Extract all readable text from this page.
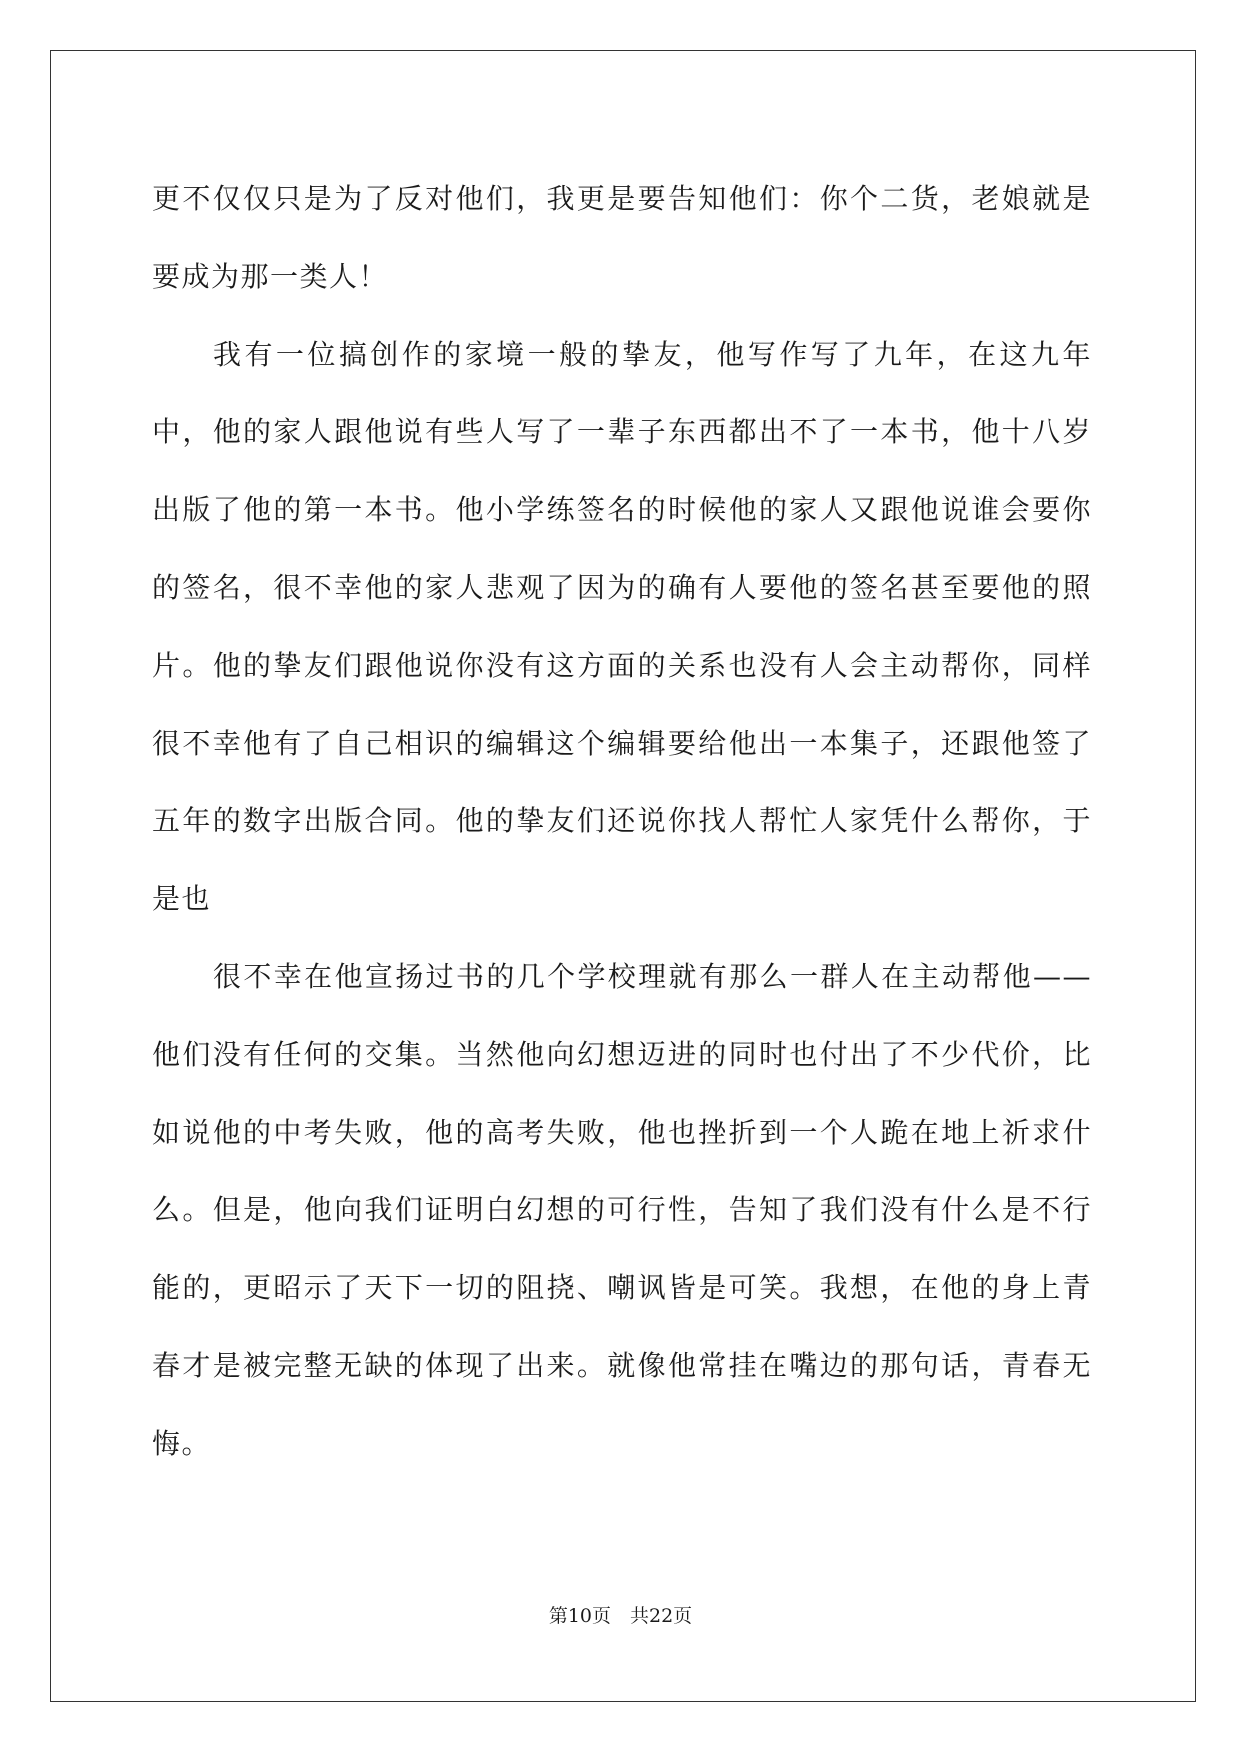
更不仅仅只是为了反对他们，我更是要告知他们：你个二货，老娘就是要成为那一类人！

我有一位搞创作的家境一般的挚友，他写作写了九年，在这九年中，他的家人跟他说有些人写了一辈子东西都出不了一本书，他十八岁出版了他的第一本书。他小学练签名的时候他的家人又跟他说谁会要你的签名，很不幸他的家人悲观了因为的确有人要他的签名甚至要他的照片。他的挚友们跟他说你没有这方面的关系也没有人会主动帮你，同样很不幸他有了自己相识的编辑这个编辑要给他出一本集子，还跟他签了五年的数字出版合同。他的挚友们还说你找人帮忙人家凭什么帮你，于是也

很不幸在他宣扬过书的几个学校理就有那么一群人在主动帮他——他们没有任何的交集。当然他向幻想迈进的同时也付出了不少代价，比如说他的中考失败，他的高考失败，他也挫折到一个人跪在地上祈求什么。但是，他向我们证明白幻想的可行性，告知了我们没有什么是不行能的，更昭示了天下一切的阻挠、嘲讽皆是可笑。我想，在他的身上青春才是被完整无缺的体现了出来。就像他常挂在嘴边的那句话，青春无悔。

第10页　共22页
